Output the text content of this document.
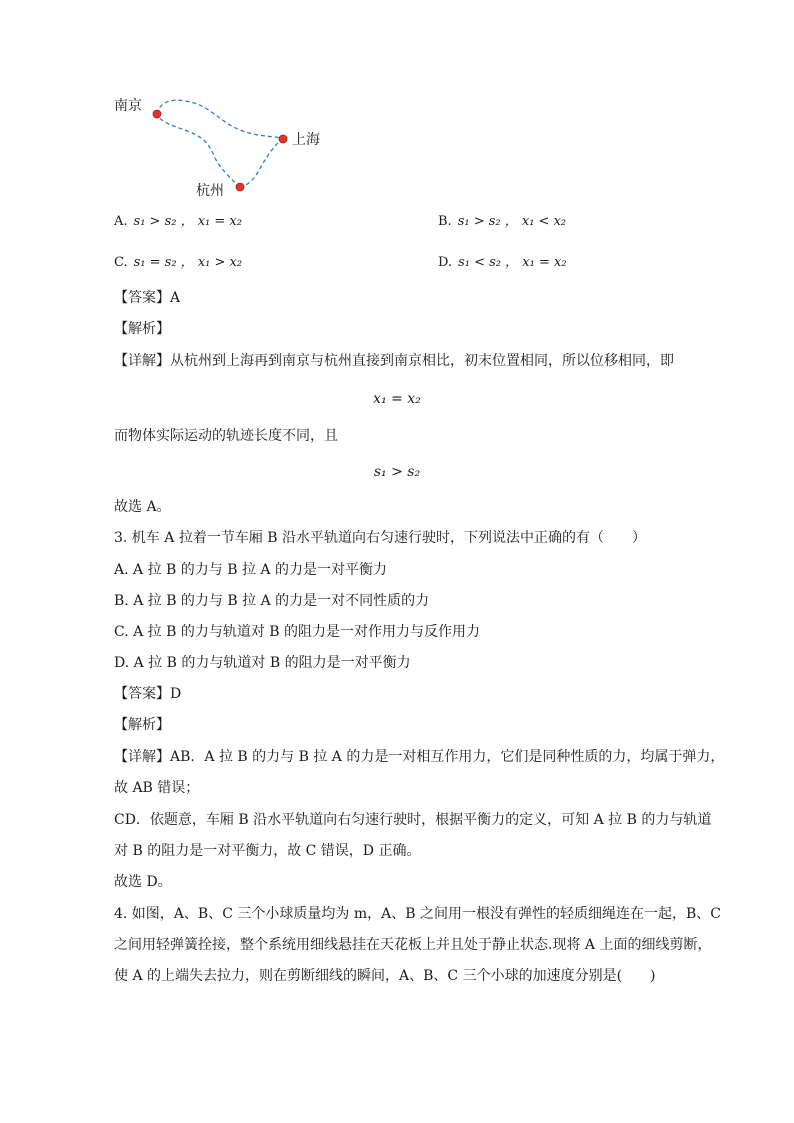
南京
上海
杭州
A. s₁ > s₂ ， x₁ = x₂	B. s₁ > s₂ ， x₁ < x₂
C. s₁ = s₂ ， x₁ > x₂	D. s₁ < s₂ ， x₁ = x₂
【答案】A
【解析】
【详解】从杭州到上海再到南京与杭州直接到南京相比，初末位置相同，所以位移相同，即
x₁ = x₂
而物体实际运动的轨迹长度不同，且
s₁ > s₂
故选 A。
3. 机车 A 拉着一节车厢 B 沿水平轨道向右匀速行驶时，下列说法中正确的有（　　）
A. A 拉 B 的力与 B 拉 A 的力是一对平衡力
B. A 拉 B 的力与 B 拉 A 的力是一对不同性质的力
C. A 拉 B 的力与轨道对 B 的阻力是一对作用力与反作用力
D. A 拉 B 的力与轨道对 B 的阻力是一对平衡力
【答案】D
【解析】
【详解】AB．A 拉 B 的力与 B 拉 A 的力是一对相互作用力，它们是同种性质的力，均属于弹力，
故 AB 错误；
CD．依题意，车厢 B 沿水平轨道向右匀速行驶时，根据平衡力的定义，可知 A 拉 B 的力与轨道
对 B 的阻力是一对平衡力，故 C 错误，D 正确。
故选 D。
4. 如图，A、B、C 三个小球质量均为 m，A、B 之间用一根没有弹性的轻质细绳连在一起，B、C
之间用轻弹簧拴接，整个系统用细线悬挂在天花板上并且处于静止状态.现将 A 上面的细线剪断，
使 A 的上端失去拉力，则在剪断细线的瞬间，A、B、C 三个小球的加速度分别是(　　)
